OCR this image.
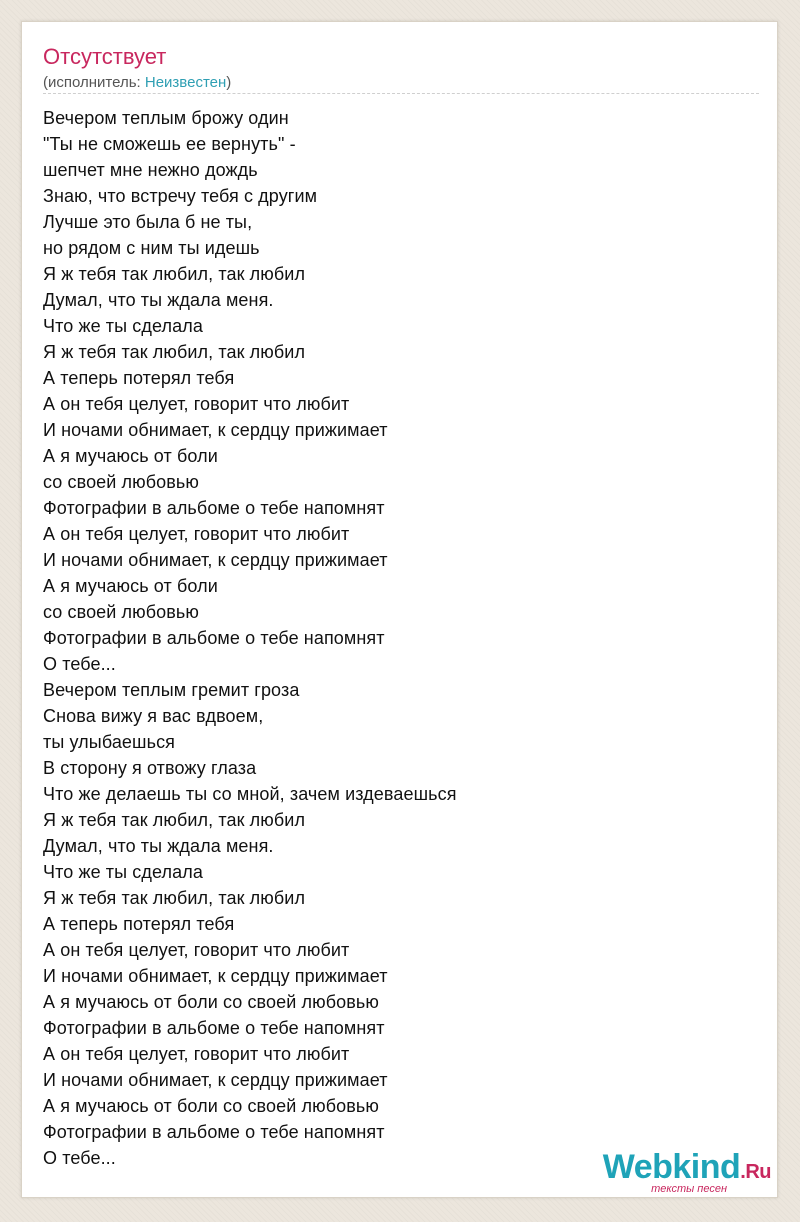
Отсутствует
(исполнитель: Неизвестен)
Вечером теплым брожу один
"Ты не сможешь ее вернуть" -
шепчет мне нежно дождь
Знаю, что встречу тебя с другим
Лучше это была б не ты,
но рядом с ним ты идешь
Я ж тебя так любил, так любил
Думал, что ты ждала меня.
Что же ты сделала
Я ж тебя так любил, так любил
А теперь потерял тебя
А он тебя целует, говорит что любит
И ночами обнимает, к сердцу прижимает
А я мучаюсь от боли
со своей любовью
Фотографии в альбоме о тебе напомнят
А он тебя целует, говорит что любит
И ночами обнимает, к сердцу прижимает
А я мучаюсь от боли
со своей любовью
Фотографии в альбоме о тебе напомнят
О тебе...
Вечером теплым гремит гроза
Снова вижу я вас вдвоем,
ты улыбаешься
В сторону я отвожу глаза
Что же делаешь ты со мной, зачем издеваешься
Я ж тебя так любил, так любил
Думал, что ты ждала меня.
Что же ты сделала
Я ж тебя так любил, так любил
А теперь потерял тебя
А он тебя целует, говорит что любит
И ночами обнимает, к сердцу прижимает
А я мучаюсь от боли со своей любовью
Фотографии в альбоме о тебе напомнят
А он тебя целует, говорит что любит
И ночами обнимает, к сердцу прижимает
А я мучаюсь от боли со своей любовью
Фотографии в альбоме о тебе напомнят
О тебе...	Webkind.Ru
тексты песен
